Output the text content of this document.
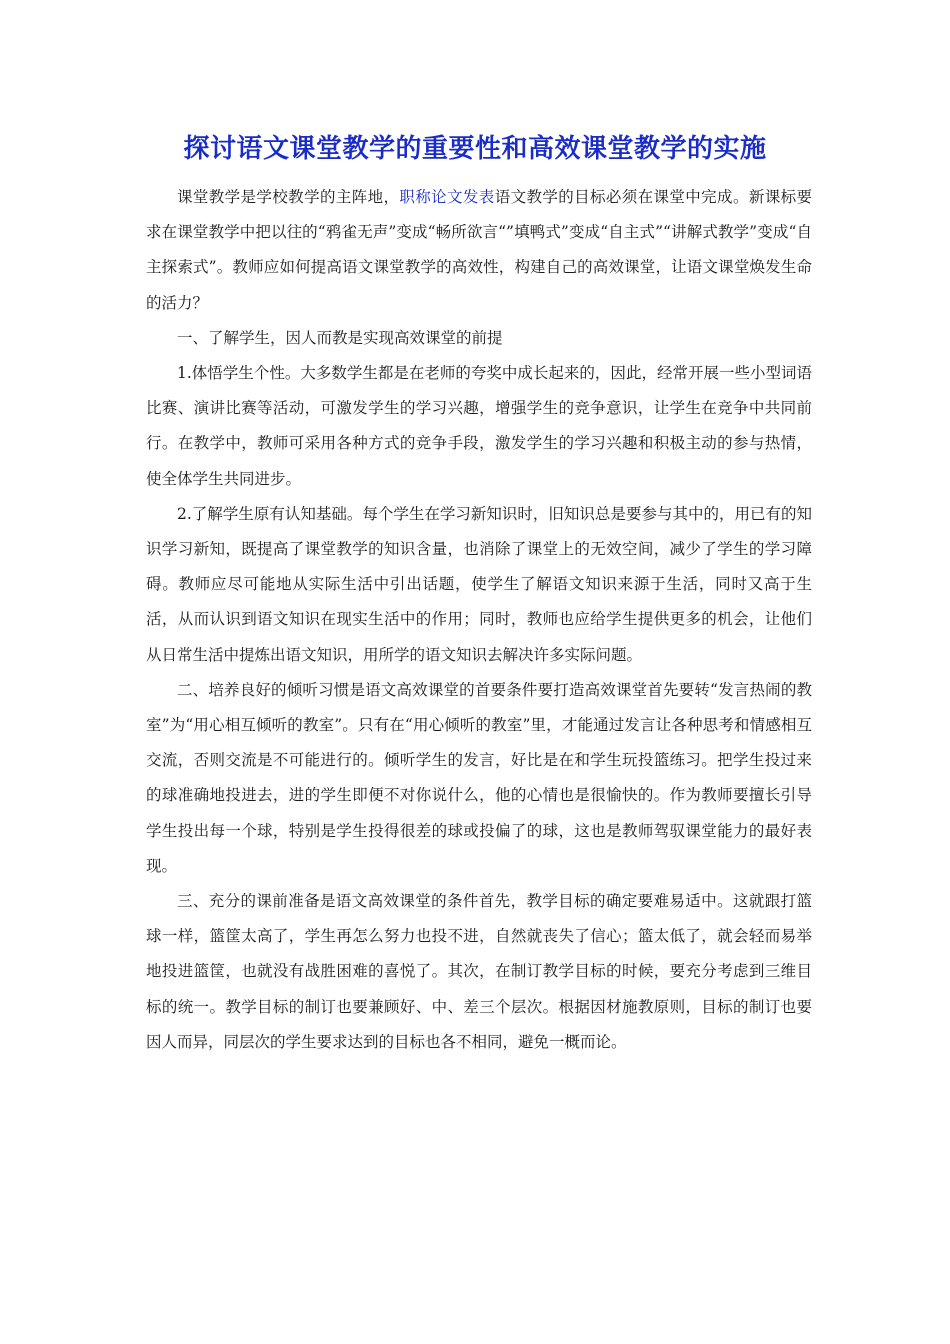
探讨语文课堂教学的重要性和高效课堂教学的实施

课堂教学是学校教学的主阵地，职称论文发表语文教学的目标必须在课堂中完成。新课标要求在课堂教学中把以往的“鸦雀无声”变成“畅所欲言“”填鸭式”变成“自主式”“讲解式教学”变成“自主探索式”。教师应如何提高语文课堂教学的高效性，构建自己的高效课堂，让语文课堂焕发生命的活力？

一、了解学生，因人而教是实现高效课堂的前提

1.体悟学生个性。大多数学生都是在老师的夸奖中成长起来的，因此，经常开展一些小型词语比赛、演讲比赛等活动，可激发学生的学习兴趣，增强学生的竞争意识，让学生在竞争中共同前行。在教学中，教师可采用各种方式的竞争手段，激发学生的学习兴趣和积极主动的参与热情，使全体学生共同进步。

2.了解学生原有认知基础。每个学生在学习新知识时，旧知识总是要参与其中的，用已有的知识学习新知，既提高了课堂教学的知识含量，也消除了课堂上的无效空间，减少了学生的学习障碍。教师应尽可能地从实际生活中引出话题，使学生了解语文知识来源于生活，同时又高于生活，从而认识到语文知识在现实生活中的作用；同时，教师也应给学生提供更多的机会，让他们从日常生活中提炼出语文知识，用所学的语文知识去解决许多实际问题。

二、培养良好的倾听习惯是语文高效课堂的首要条件要打造高效课堂首先要转“发言热闹的教室”为“用心相互倾听的教室”。只有在“用心倾听的教室”里，才能通过发言让各种思考和情感相互交流，否则交流是不可能进行的。倾听学生的发言，好比是在和学生玩投篮练习。把学生投过来的球准确地投进去，进的学生即便不对你说什么，他的心情也是很愉快的。作为教师要擅长引导学生投出每一个球，特别是学生投得很差的球或投偏了的球，这也是教师驾驭课堂能力的最好表现。

三、充分的课前准备是语文高效课堂的条件首先，教学目标的确定要难易适中。这就跟打篮球一样，篮筐太高了，学生再怎么努力也投不进，自然就丧失了信心；篮太低了，就会轻而易举地投进篮筐，也就没有战胜困难的喜悦了。其次，在制订教学目标的时候，要充分考虑到三维目标的统一。教学目标的制订也要兼顾好、中、差三个层次。根据因材施教原则，目标的制订也要因人而异，同层次的学生要求达到的目标也各不相同，避免一概而论。
